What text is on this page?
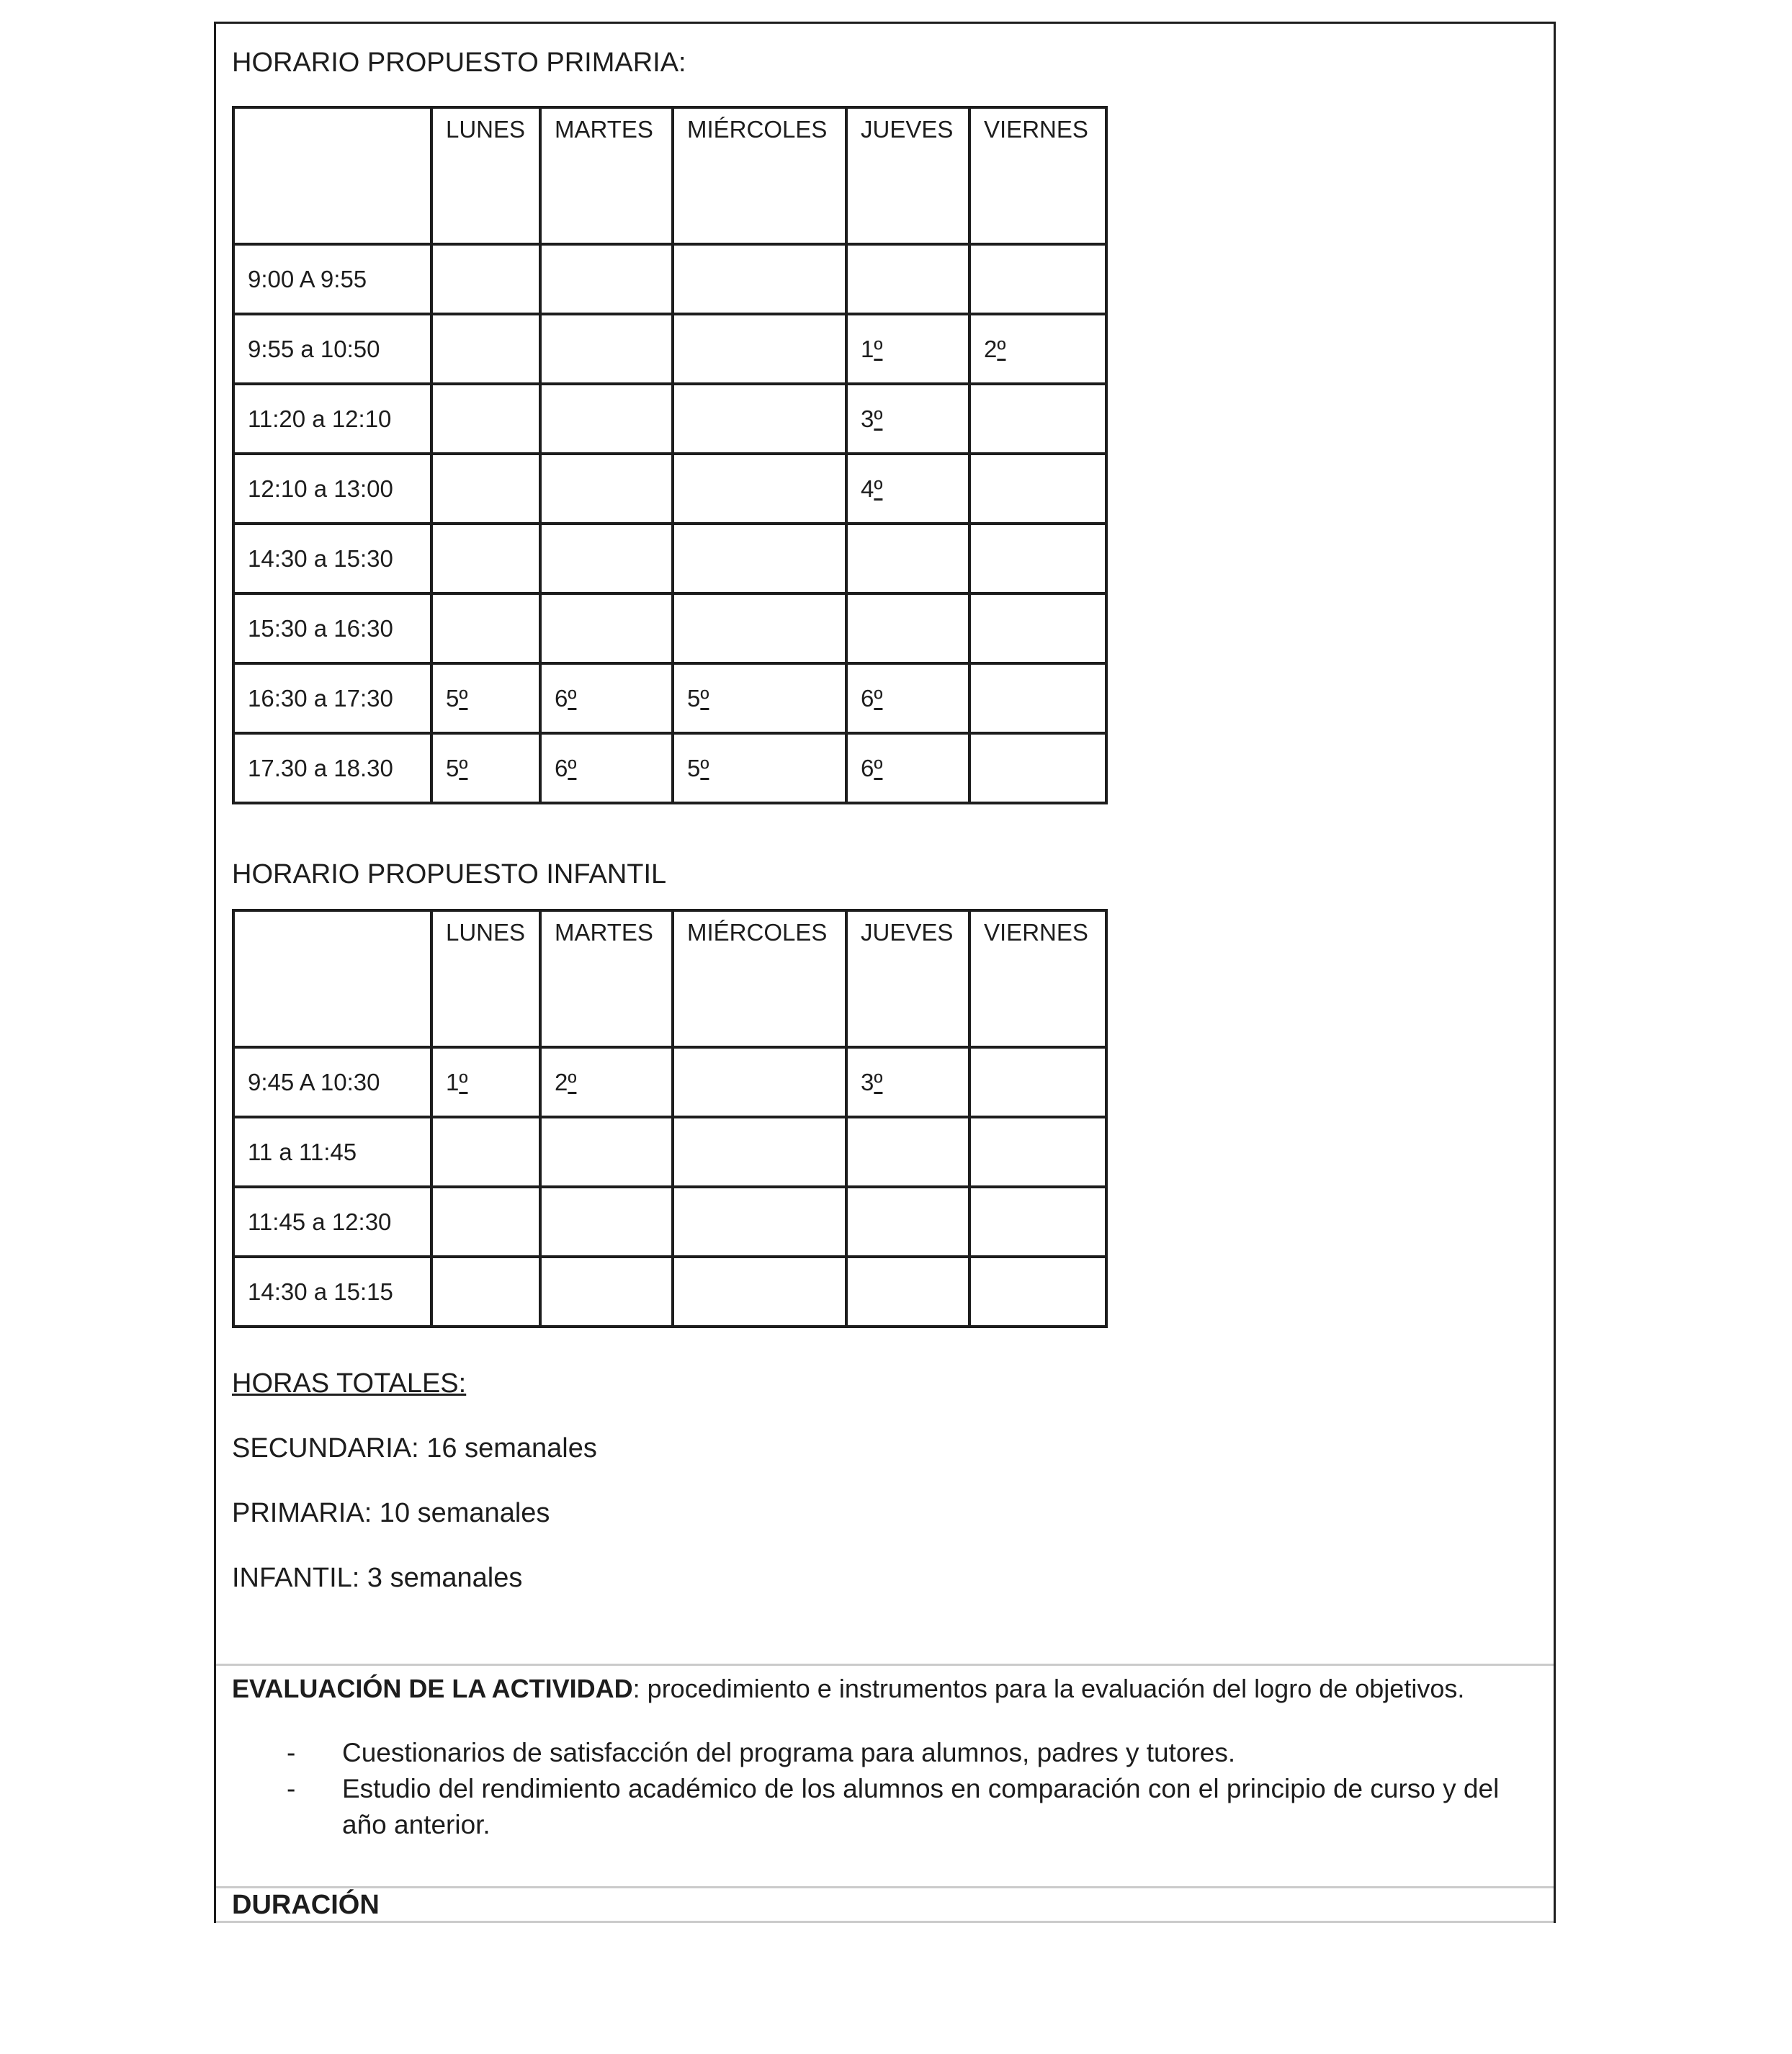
HORARIO PROPUESTO PRIMARIA:

	LUNES	MARTES	MIÉRCOLES	JUEVES	VIERNES
9:00 A 9:55					
9:55 a 10:50				1º	2º
11:20 a 12:10				3º	
12:10 a 13:00				4º	
14:30 a 15:30					
15:30 a 16:30					
16:30 a 17:30	5º	6º	5º	6º	
17.30 a 18.30	5º	6º	5º	6º	

HORARIO PROPUESTO INFANTIL

	LUNES	MARTES	MIÉRCOLES	JUEVES	VIERNES
9:45 A 10:30	1º	2º		3º	
11 a 11:45					
11:45 a 12:30					
14:30 a 15:15					

HORAS TOTALES:

SECUNDARIA: 16 semanales

PRIMARIA: 10 semanales

INFANTIL: 3 semanales

EVALUACIÓN DE LA ACTIVIDAD: procedimiento e instrumentos para la evaluación del logro de objetivos.

-	Cuestionarios de satisfacción del programa para alumnos, padres y tutores.
-	Estudio del rendimiento académico de los alumnos en comparación con el principio de curso y del año anterior.

DURACIÓN
